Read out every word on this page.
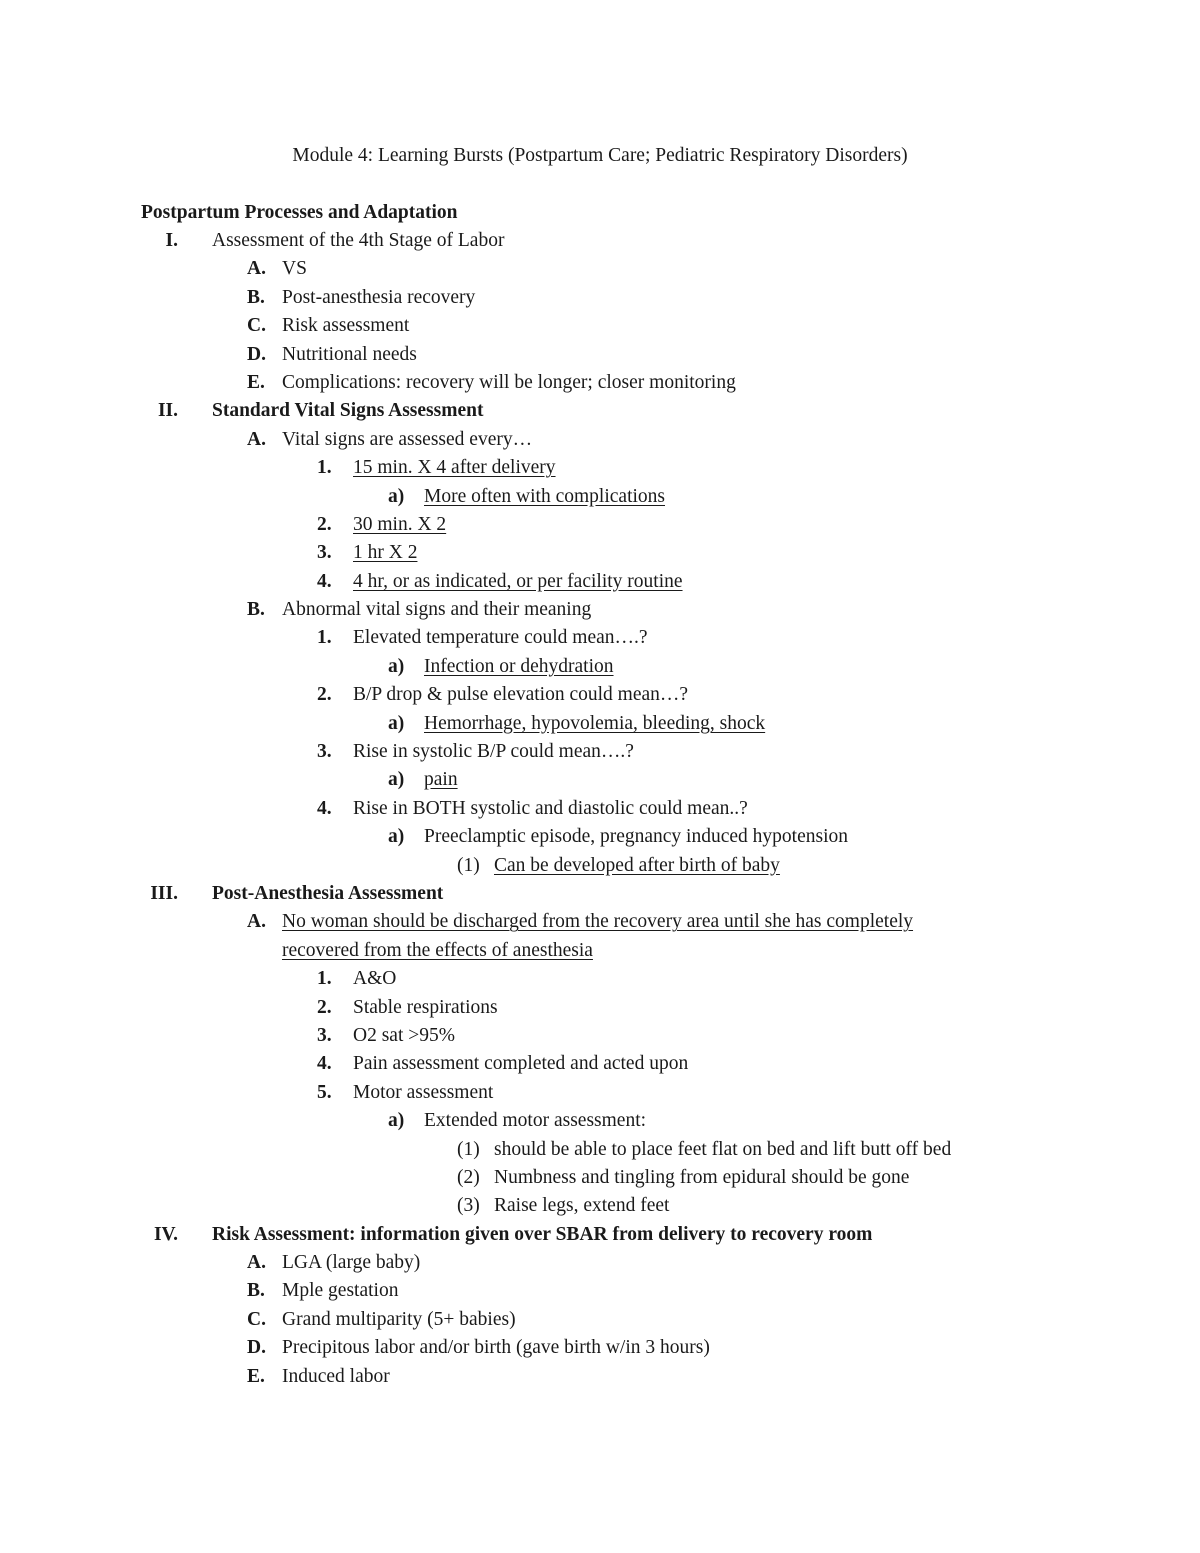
Module 4: Learning Bursts (Postpartum Care; Pediatric Respiratory Disorders)
Postpartum Processes and Adaptation
I. Assessment of the 4th Stage of Labor
A. VS
B. Post-anesthesia recovery
C. Risk assessment
D. Nutritional needs
E. Complications: recovery will be longer; closer monitoring
II. Standard Vital Signs Assessment
A. Vital signs are assessed every…
1. 15 min. X 4 after delivery
a) More often with complications
2. 30 min. X 2
3. 1 hr X 2
4. 4 hr, or as indicated, or per facility routine
B. Abnormal vital signs and their meaning
1. Elevated temperature could mean….?
a) Infection or dehydration
2. B/P drop & pulse elevation could mean…?
a) Hemorrhage, hypovolemia, bleeding, shock
3. Rise in systolic B/P could mean….?
a) pain
4. Rise in BOTH systolic and diastolic could mean..?
a) Preeclamptic episode, pregnancy induced hypotension
(1) Can be developed after birth of baby
III. Post-Anesthesia Assessment
A. No woman should be discharged from the recovery area until she has completely
recovered from the effects of anesthesia
1. A&O
2. Stable respirations
3. O2 sat >95%
4. Pain assessment completed and acted upon
5. Motor assessment
a) Extended motor assessment:
(1) should be able to place feet flat on bed and lift butt off bed
(2) Numbness and tingling from epidural should be gone
(3) Raise legs, extend feet
IV. Risk Assessment: information given over SBAR from delivery to recovery room
A. LGA (large baby)
B. Mple gestation
C. Grand multiparity (5+ babies)
D. Precipitous labor and/or birth (gave birth w/in 3 hours)
E. Induced labor
